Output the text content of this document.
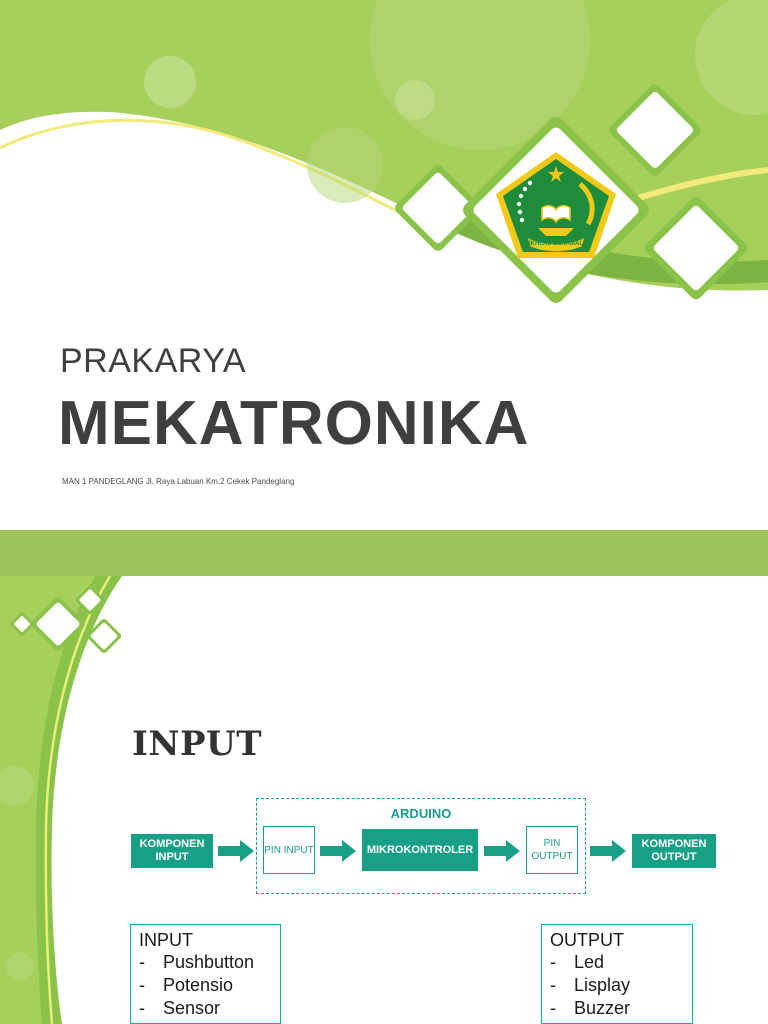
IKHLAS BERAMAL
PRAKARYA
MEKATRONIKA
MAN 1 PANDEGLANG Jl. Raya Labuan Km.2 Cekek Pandeglang
INPUT
ARDUINO
KOMPONEN INPUT
PIN INPUT	MIKROKONTROLER	PIN OUTPUT
KOMPONEN OUTPUT
INPUT
- Pushbutton
- Potensio
- Sensor
OUTPUT
- Led
- Lisplay
- Buzzer
